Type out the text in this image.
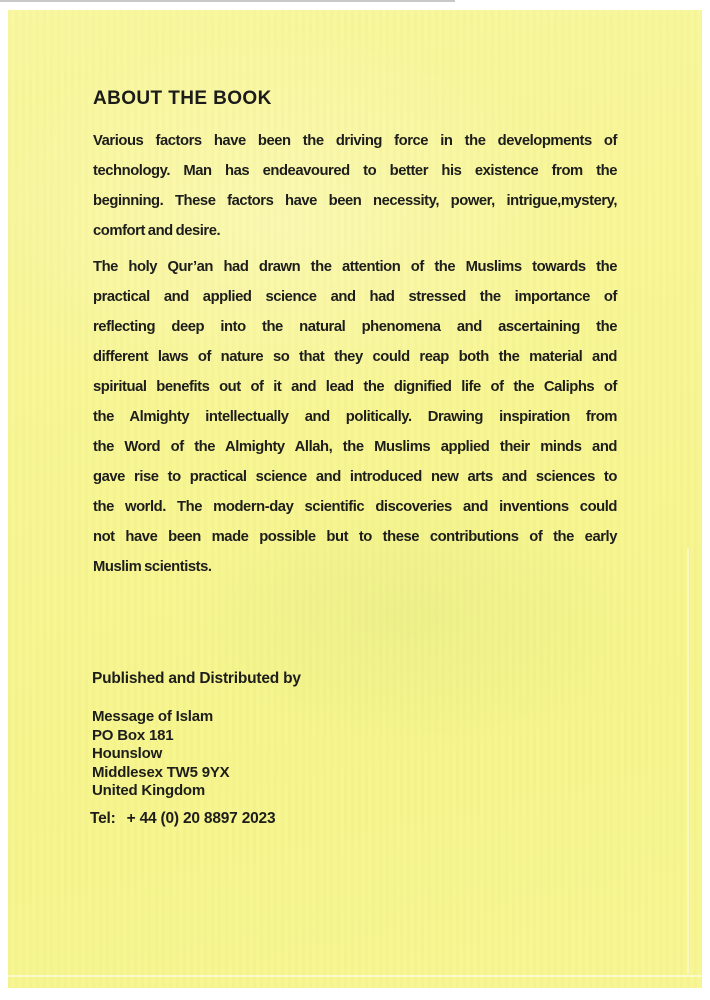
ABOUT THE BOOK
Various factors have been the driving force in the developments of
technology. Man has endeavoured to better his existence from the
beginning. These factors have been necessity, power, intrigue,mystery,
comfort and desire.
The holy Qur’an had drawn the attention of the Muslims towards the
practical and applied science and had stressed the importance of
reflecting deep into the natural phenomena and ascertaining the
different laws of nature so that they could reap both the material and
spiritual benefits out of it and lead the dignified life of the Caliphs of
the Almighty intellectually and politically. Drawing inspiration from
the Word of the Almighty Allah, the Muslims applied their minds and
gave rise to practical science and introduced new arts and sciences to
the world. The modern-day scientific discoveries and inventions could
not have been made possible but to these contributions of the early
Muslim scientists.
Published and Distributed by
Message of Islam
PO Box 181
Hounslow
Middlesex TW5 9YX
United Kingdom
Tel: + 44 (0) 20 8897 2023
